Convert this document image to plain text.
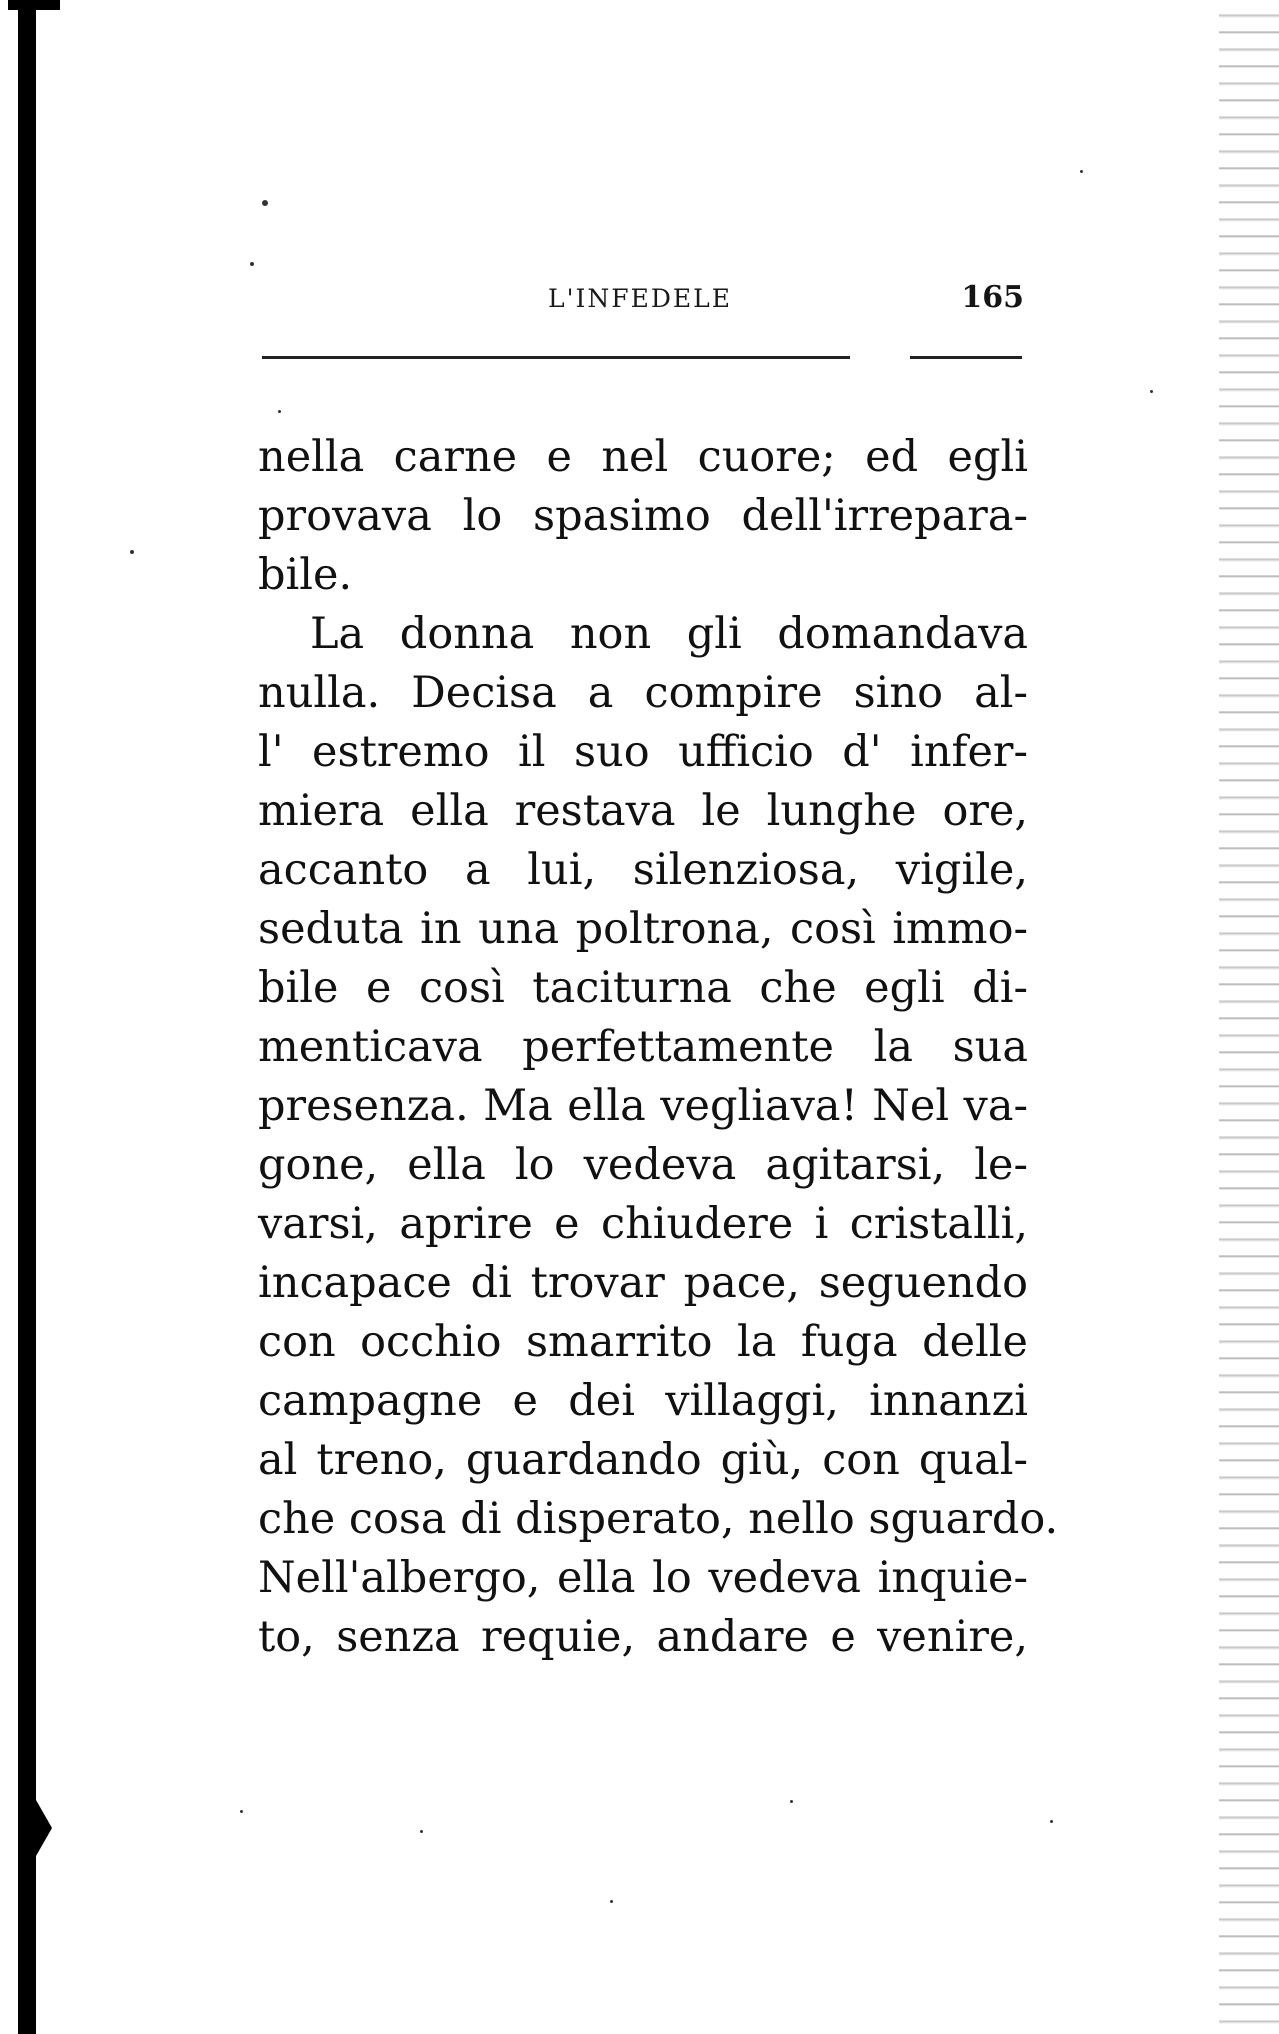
L'INFEDELE	165
nella carne e nel cuore; ed egli
provava lo spasimo dell'irrepara-
bile.
La donna non gli domandava
nulla. Decisa a compire sino al-
l' estremo il suo ufficio d' infer-
miera ella restava le lunghe ore,
accanto a lui, silenziosa, vigile,
seduta in una poltrona, così immo-
bile e così taciturna che egli di-
menticava perfettamente la sua
presenza. Ma ella vegliava! Nel va-
gone, ella lo vedeva agitarsi, le-
varsi, aprire e chiudere i cristalli,
incapace di trovar pace, seguendo
con occhio smarrito la fuga delle
campagne e dei villaggi, innanzi
al treno, guardando giù, con qual-
che cosa di disperato, nello sguardo.
Nell'albergo, ella lo vedeva inquie-
to, senza requie, andare e venire,
